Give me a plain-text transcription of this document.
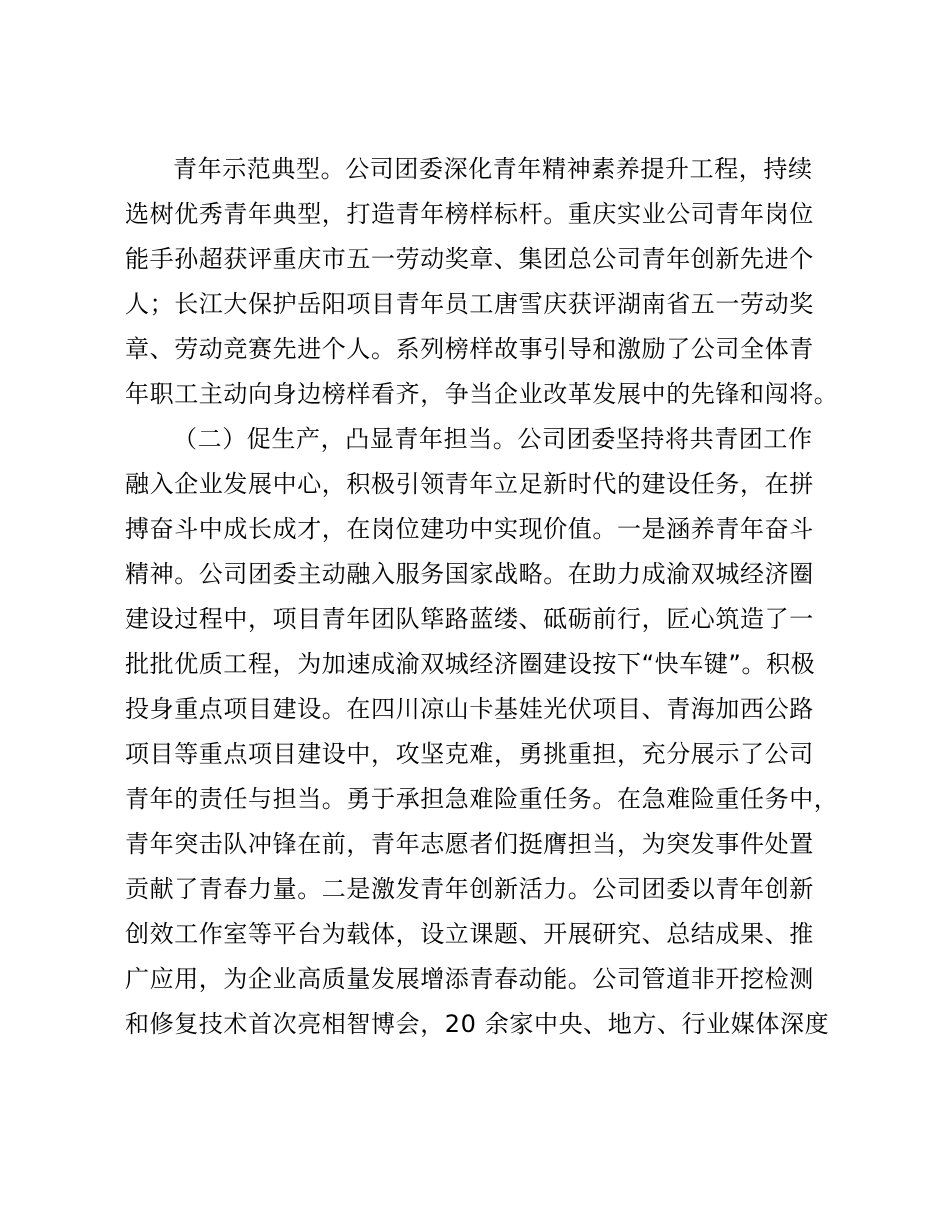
青年示范典型。公司团委深化青年精神素养提升工程，持续
选树优秀青年典型，打造青年榜样标杆。重庆实业公司青年岗位
能手孙超获评重庆市五一劳动奖章、集团总公司青年创新先进个
人；长江大保护岳阳项目青年员工唐雪庆获评湖南省五一劳动奖
章、劳动竞赛先进个人。系列榜样故事引导和激励了公司全体青
年职工主动向身边榜样看齐，争当企业改革发展中的先锋和闯将。
（二）促生产，凸显青年担当。公司团委坚持将共青团工作
融入企业发展中心，积极引领青年立足新时代的建设任务，在拼
搏奋斗中成长成才，在岗位建功中实现价值。一是涵养青年奋斗
精神。公司团委主动融入服务国家战略。在助力成渝双城经济圈
建设过程中，项目青年团队筚路蓝缕、砥砺前行，匠心筑造了一
批批优质工程，为加速成渝双城经济圈建设按下“快车键”。积极
投身重点项目建设。在四川凉山卡基娃光伏项目、青海加西公路
项目等重点项目建设中，攻坚克难，勇挑重担，充分展示了公司
青年的责任与担当。勇于承担急难险重任务。在急难险重任务中，
青年突击队冲锋在前，青年志愿者们挺膺担当，为突发事件处置
贡献了青春力量。二是激发青年创新活力。公司团委以青年创新
创效工作室等平台为载体，设立课题、开展研究、总结成果、推
广应用，为企业高质量发展增添青春动能。公司管道非开挖检测
和修复技术首次亮相智博会，20 余家中央、地方、行业媒体深度
